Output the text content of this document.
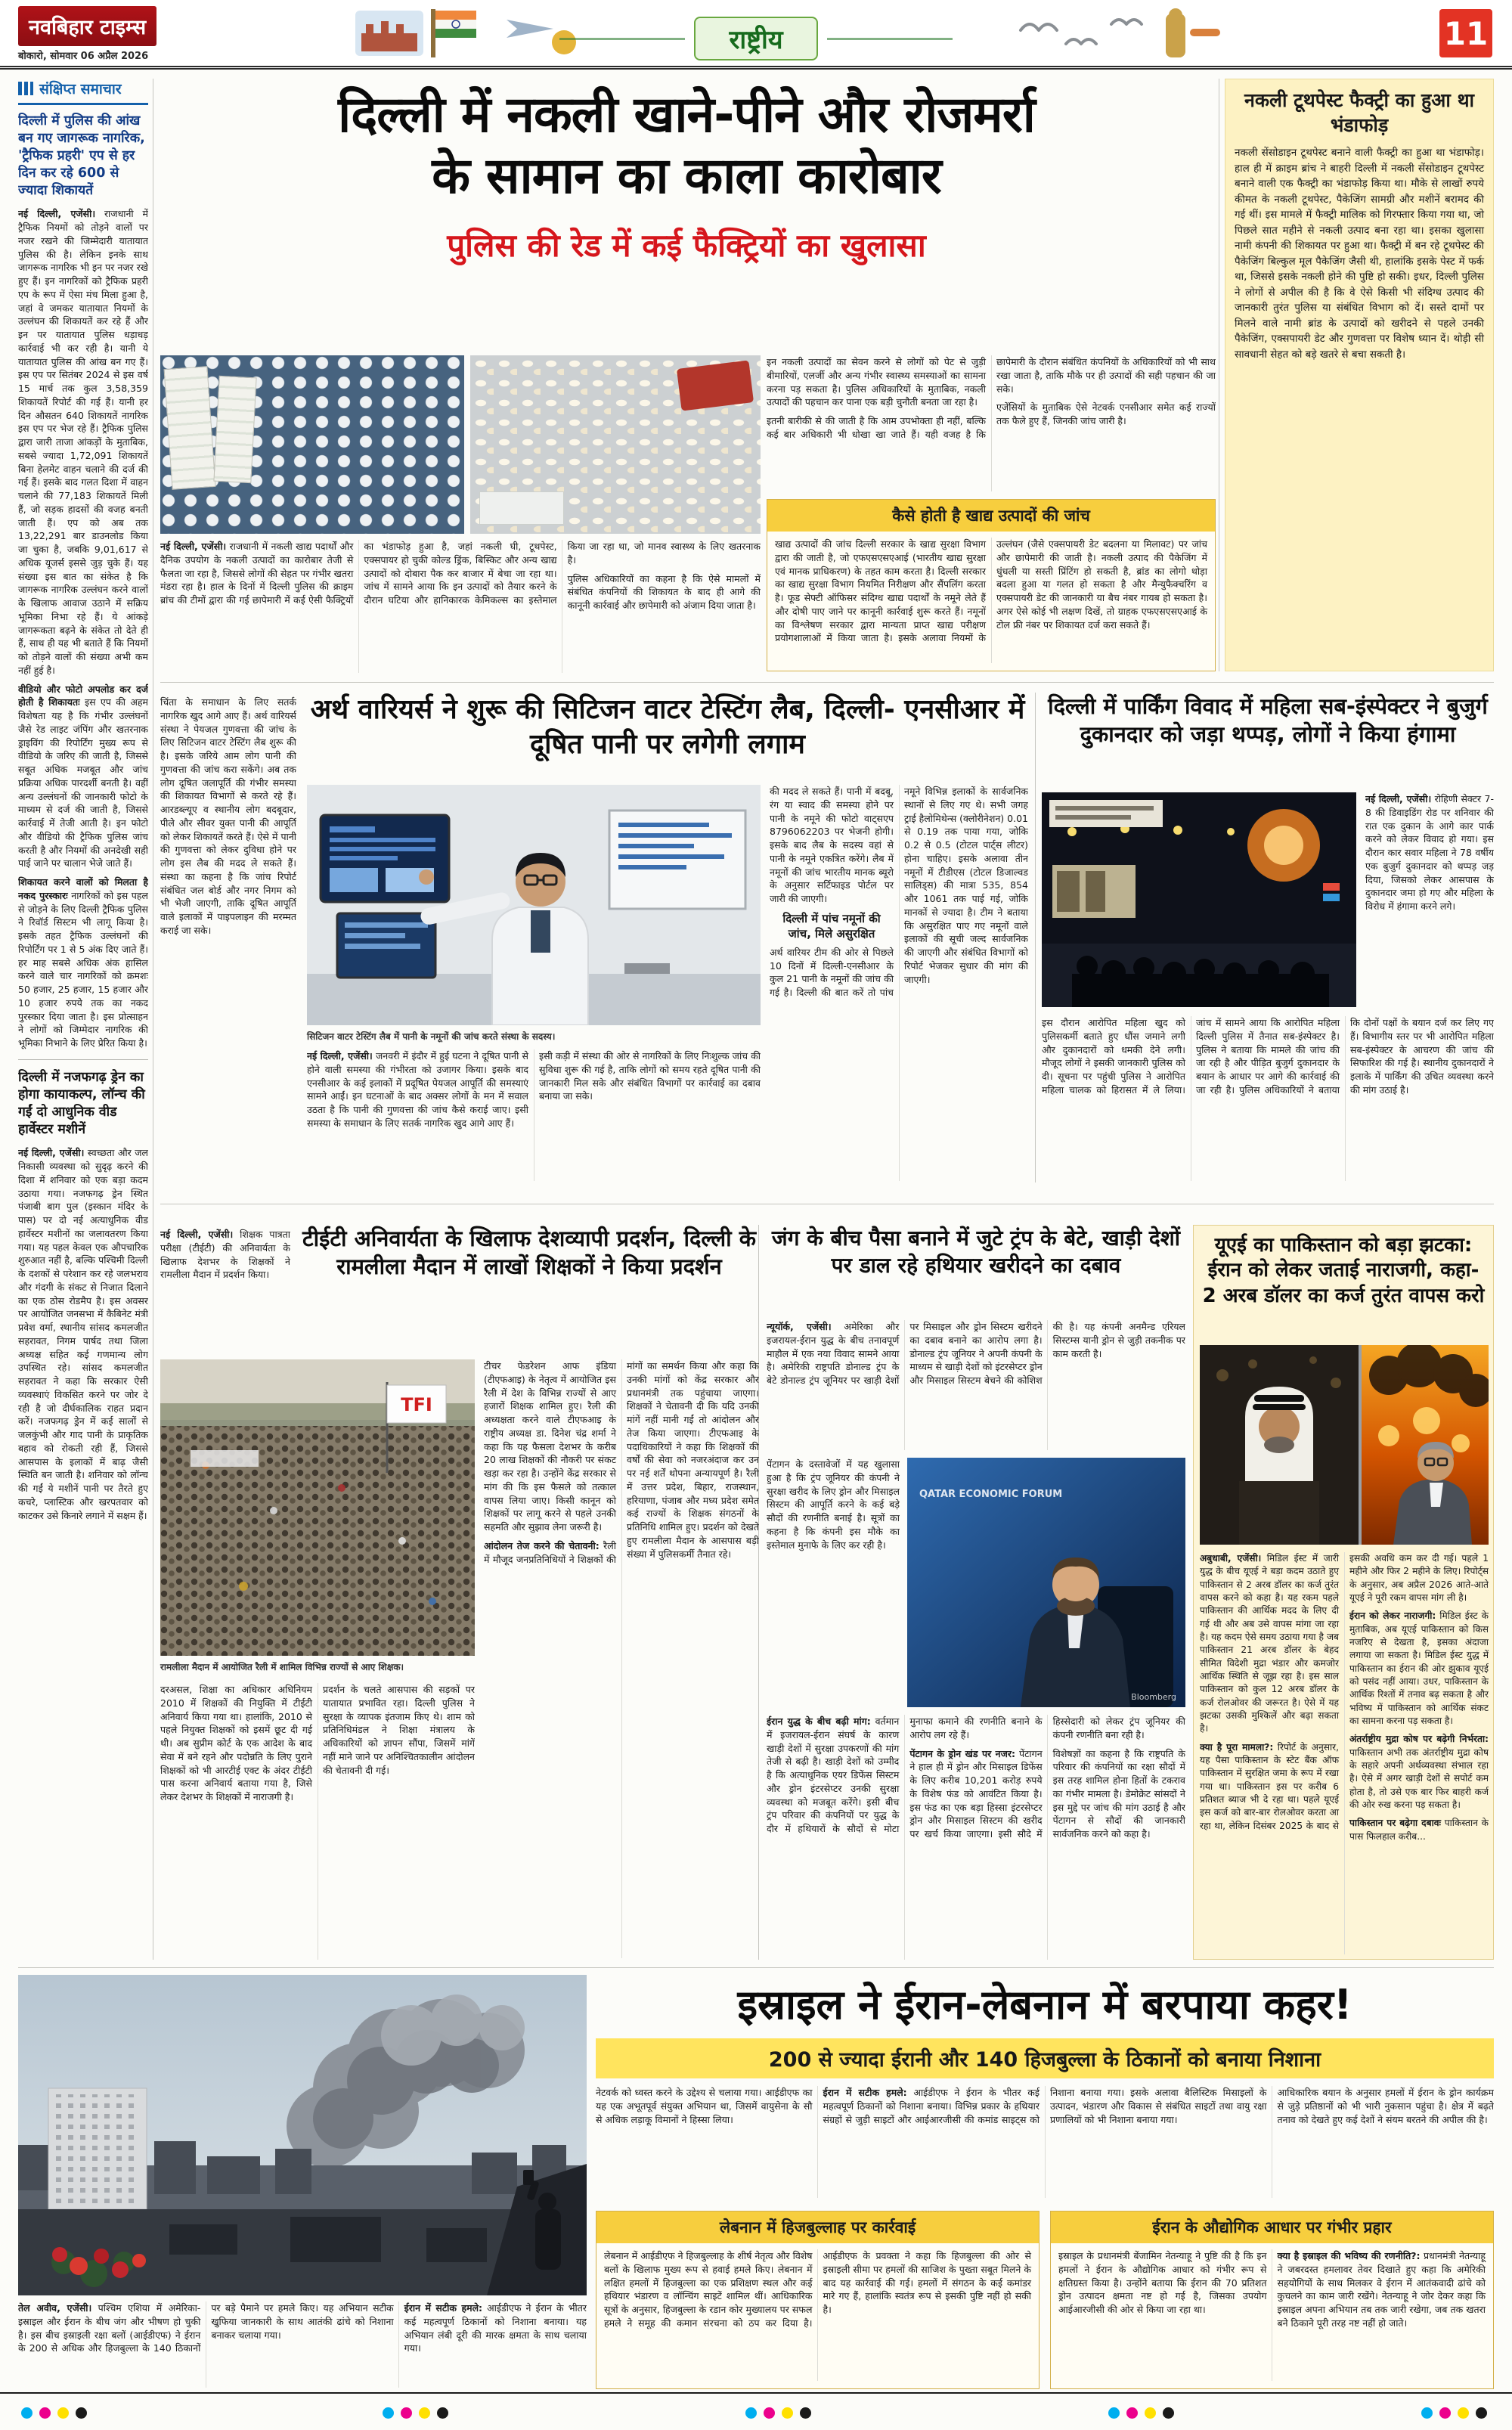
नवबिहार टाइम्स
बोकारो, सोमवार 06 अप्रैल 2026
राष्ट्रीय	11
संक्षिप्त समाचार
दिल्ली में पुलिस की आंख बन गए जागरूक नागरिक, 'ट्रैफिक प्रहरी' एप से हर दिन कर रहे 600 से ज्यादा शिकायतें

नई दिल्ली, एजेंसी। राजधानी में ट्रैफिक नियमों को तोड़ने वालों पर नजर रखने की जिम्मेदारी यातायात पुलिस की है। लेकिन इनके साथ जागरूक नागरिक भी इन पर नजर रखे हुए हैं। इन नागरिकों को ट्रैफिक प्रहरी एप के रूप में ऐसा मंच मिला हुआ है, जहां वे जमकर यातायात नियमों के उल्लंघन की शिकायतें कर रहे हैं और इन पर यातायात पुलिस धड़ाधड़ कार्रवाई भी कर रही है। यानी ये यातायात पुलिस की आंख बन गए हैं। इस एप पर सितंबर 2024 से इस वर्ष 15 मार्च तक कुल 3,58,359 शिकायतें रिपोर्ट की गई हैं। यानी हर दिन औसतन 640 शिकायतें नागरिक इस एप पर भेज रहे हैं। ट्रैफिक पुलिस द्वारा जारी ताजा आंकड़ों के मुताबिक, सबसे ज्यादा 1,72,091 शिकायतें बिना हेलमेट वाहन चलाने की दर्ज की गई हैं। इसके बाद गलत दिशा में वाहन चलाने की 77,183 शिकायतें मिली हैं, जो सड़क हादसों की वजह बनती जाती हैं। एप को अब तक 13,22,291 बार डाउनलोड किया जा चुका है, जबकि 9,01,617 से अधिक यूजर्स इससे जुड़ चुके हैं। यह संख्या इस बात का संकेत है कि जागरूक नागरिक उल्लंघन करने वालों के खिलाफ आवाज उठाने में सक्रिय भूमिका निभा रहे हैं। ये आंकड़े जागरूकता बढ़ने के संकेत तो देते ही हैं, साथ ही यह भी बताते हैं कि नियमों को तोड़ने वालों की संख्या अभी कम नहीं हुई है।

वीडियो और फोटो अपलोड कर दर्ज होती है शिकायतः इस एप की अहम विशेषता यह है कि गंभीर उल्लंघनों जैसे रेड लाइट जंपिंग और खतरनाक ड्राइविंग की रिपोर्टिंग मुख्य रूप से वीडियो के जरिए की जाती है, जिससे सबूत अधिक मजबूत और जांच प्रक्रिया अधिक पारदर्शी बनती है। वहीं अन्य उल्लंघनों की जानकारी फोटो के माध्यम से दर्ज की जाती है, जिससे कार्रवाई में तेजी आती है। इन फोटो और वीडियो की ट्रैफिक पुलिस जांच करती है और नियमों की अनदेखी सही पाई जाने पर चालान भेजे जाते हैं।

शिकायत करने वालों को मिलता है नकद पुरस्कारः नागरिकों को इस पहल से जोड़ने के लिए दिल्ली ट्रैफिक पुलिस ने रिवॉर्ड सिस्टम भी लागू किया है। इसके तहत ट्रैफिक उल्लंघनों की रिपोर्टिंग पर 1 से 5 अंक दिए जाते हैं। हर माह सबसे अधिक अंक हासिल करने वाले चार नागरिकों को क्रमशः 50 हजार, 25 हजार, 15 हजार और 10 हजार रुपये तक का नकद पुरस्कार दिया जाता है। इस प्रोत्साहन ने लोगों को जिम्मेदार नागरिक की भूमिका निभाने के लिए प्रेरित किया है।

दिल्ली में नजफगढ़ ड्रेन का होगा कायाकल्प, लॉन्च की गईं दो आधुनिक वीड हार्वेस्टर मशीनें

नई दिल्ली, एजेंसी। स्वच्छता और जल निकासी व्यवस्था को सुदृढ़ करने की दिशा में शनिवार को एक बड़ा कदम उठाया गया। नजफगढ़ ड्रेन स्थित पंजाबी बाग पुल (इस्कान मंदिर के पास) पर दो नई अत्याधुनिक वीड हार्वेस्टर मशीनों का जलावतरण किया गया। यह पहल केवल एक औपचारिक शुरुआत नहीं है, बल्कि पश्चिमी दिल्ली के दशकों से परेशान कर रहे जलभराव और गंदगी के संकट से निजात दिलाने का एक ठोस रोडमैप है। इस अवसर पर आयोजित जनसभा में कैबिनेट मंत्री प्रवेश वर्मा, स्थानीय सांसद कमलजीत सहरावत, निगम पार्षद तथा जिला अध्यक्ष सहित कई गणमान्य लोग उपस्थित रहे। सांसद कमलजीत सहरावत ने कहा कि सरकार ऐसी व्यवस्थाएं विकसित करने पर जोर दे रही है जो दीर्घकालिक राहत प्रदान करें। नजफगढ़ ड्रेन में कई सालों से जलकुंभी और गाद पानी के प्राकृतिक बहाव को रोकती रही हैं, जिससे आसपास के इलाकों में बाढ़ जैसी स्थिति बन जाती है। शनिवार को लॉन्च की गईं ये मशीनें पानी पर तैरते हुए कचरे, प्लास्टिक और खरपतवार को काटकर उसे किनारे लगाने में सक्षम हैं।

दिल्ली में नकली खाने-पीने और रोजमर्रा
के सामान का काला कारोबार
पुलिस की रेड में कई फैक्ट्रियों का खुलासा

इन नकली उत्पादों का सेवन करने से लोगों को पेट से जुड़ी बीमारियों, एलर्जी और अन्य गंभीर स्वास्थ्य समस्याओं का सामना करना पड़ सकता है। पुलिस अधिकारियों के मुताबिक, नकली उत्पादों की पहचान कर पाना एक बड़ी चुनौती बनता जा रहा है।

इतनी बारीकी से की जाती है कि आम उपभोक्ता ही नहीं, बल्कि कई बार अधिकारी भी धोखा खा जाते हैं। यही वजह है कि छापेमारी के दौरान संबंधित कंपनियों के अधिकारियों को भी साथ रखा जाता है, ताकि मौके पर ही उत्पादों की सही पहचान की जा सके।

एजेंसियों के मुताबिक ऐसे नेटवर्क एनसीआर समेत कई राज्यों तक फैले हुए हैं, जिनकी जांच जारी है।

कैसे होती है खाद्य उत्पादों की जांच

खाद्य उत्पादों की जांच दिल्ली सरकार के खाद्य सुरक्षा विभाग द्वारा की जाती है, जो एफएसएसएआई (भारतीय खाद्य सुरक्षा एवं मानक प्राधिकरण) के तहत काम करता है। दिल्ली सरकार का खाद्य सुरक्षा विभाग नियमित निरीक्षण और सैंपलिंग करता है। फूड सेफ्टी ऑफिसर संदिग्ध खाद्य पदार्थों के नमूने लेते हैं और दोषी पाए जाने पर कानूनी कार्रवाई शुरू करते हैं। नमूनों का विश्लेषण सरकार द्वारा मान्यता प्राप्त खाद्य परीक्षण प्रयोगशालाओं में किया जाता है। इसके अलावा नियमों के उल्लंघन (जैसे एक्सपायरी डेट बदलना या मिलावट) पर जांच और छापेमारी की जाती है। नकली उत्पाद की पैकेजिंग में धुंधली या सस्ती प्रिंटिंग हो सकती है, ब्रांड का लोगो थोड़ा बदला हुआ या गलत हो सकता है और मैन्युफैक्चरिंग व एक्सपायरी डेट की जानकारी या बैच नंबर गायब हो सकता है। अगर ऐसे कोई भी लक्षण दिखें, तो ग्राहक एफएसएसएआई के टोल फ्री नंबर पर शिकायत दर्ज करा सकते हैं।

नई दिल्ली, एजेंसी। राजधानी में नकली खाद्य पदार्थों और दैनिक उपयोग के नकली उत्पादों का कारोबार तेजी से फैलता जा रहा है, जिससे लोगों की सेहत पर गंभीर खतरा मंडरा रहा है। हाल के दिनों में दिल्ली पुलिस की क्राइम ब्रांच की टीमों द्वारा की गई छापेमारी में कई ऐसी फैक्ट्रियों का भंडाफोड़ हुआ है, जहां नकली घी, टूथपेस्ट, एक्सपायर हो चुकी कोल्ड ड्रिंक, बिस्किट और अन्य खाद्य उत्पादों को दोबारा पैक कर बाजार में बेचा जा रहा था। जांच में सामने आया कि इन उत्पादों को तैयार करने के दौरान घटिया और हानिकारक केमिकल्स का इस्तेमाल किया जा रहा था, जो मानव स्वास्थ्य के लिए खतरनाक है।

पुलिस अधिकारियों का कहना है कि ऐसे मामलों में संबंधित कंपनियों की शिकायत के बाद ही आगे की कानूनी कार्रवाई और छापेमारी को अंजाम दिया जाता है।

नकली टूथपेस्ट फैक्ट्री का हुआ था भंडाफोड़

नकली सेंसोडाइन टूथपेस्ट बनाने वाली फैक्ट्री का हुआ था भंडाफोड़। हाल ही में क्राइम ब्रांच ने बाहरी दिल्ली में नकली सेंसोडाइन टूथपेस्ट बनाने वाली एक फैक्ट्री का भंडाफोड़ किया था। मौके से लाखों रुपये कीमत के नकली टूथपेस्ट, पैकेजिंग सामग्री और मशीनें बरामद की गई थीं। इस मामले में फैक्ट्री मालिक को गिरफ्तार किया गया था, जो पिछले सात महीने से नकली उत्पाद बना रहा था। इसका खुलासा नामी कंपनी की शिकायत पर हुआ था। फैक्ट्री में बन रहे टूथपेस्ट की पैकेजिंग बिल्कुल मूल पैकेजिंग जैसी थी, हालांकि इसके पेस्ट में फर्क था, जिससे इसके नकली होने की पुष्टि हो सकी। इधर, दिल्ली पुलिस ने लोगों से अपील की है कि वे ऐसे किसी भी संदिग्ध उत्पाद की जानकारी तुरंत पुलिस या संबंधित विभाग को दें। सस्ते दामों पर मिलने वाले नामी ब्रांड के उत्पादों को खरीदने से पहले उनकी पैकेजिंग, एक्सपायरी डेट और गुणवत्ता पर विशेष ध्यान दें। थोड़ी सी सावधानी सेहत को बड़े खतरे से बचा सकती है।

चिंता के समाधान के लिए सतर्क नागरिक खुद आगे आए हैं। अर्थ वारियर्स संस्था ने पेयजल गुणवत्ता की जांच के लिए सिटिजन वाटर टेस्टिंग लैब शुरू की है। इसके जरिये आम लोग पानी की गुणवत्ता की जांच करा सकेंगे। अब तक लोग दूषित जलापूर्ति की गंभीर समस्या की शिकायत विभागों से करते रहे हैं। आरडब्ल्यूए व स्थानीय लोग बदबूदार, पीले और सीवर युक्त पानी की आपूर्ति को लेकर शिकायतें करते हैं। ऐसे में पानी की गुणवत्ता को लेकर दुविधा होने पर लोग इस लैब की मदद ले सकते हैं। संस्था का कहना है कि जांच रिपोर्ट संबंधित जल बोर्ड और नगर निगम को भी भेजी जाएगी, ताकि दूषित आपूर्ति वाले इलाकों में पाइपलाइन की मरम्मत कराई जा सके।

अर्थ वारियर्स ने शुरू की सिटिजन वाटर टेस्टिंग लैब, दिल्ली- एनसीआर में दूषित पानी पर लगेगी लगाम
सिटिजन वाटर टेस्टिंग लैब में पानी के नमूनों की जांच करते संस्था के सदस्य।

नई दिल्ली, एजेंसी। जनवरी में इंदौर में हुई घटना ने दूषित पानी से होने वाली समस्या की गंभीरता को उजागर किया। इसके बाद एनसीआर के कई इलाकों में प्रदूषित पेयजल आपूर्ति की समस्याएं सामने आईं। इन घटनाओं के बाद अक्सर लोगों के मन में सवाल उठता है कि पानी की गुणवत्ता की जांच कैसे कराई जाए। इसी समस्या के समाधान के लिए सतर्क नागरिक खुद आगे आए हैं।

इसी कड़ी में संस्था की ओर से नागरिकों के लिए निःशुल्क जांच की सुविधा शुरू की गई है, ताकि लोगों को समय रहते दूषित पानी की जानकारी मिल सके और संबंधित विभागों पर कार्रवाई का दबाव बनाया जा सके।

की मदद ले सकते हैं। पानी में बदबू, रंग या स्वाद की समस्या होने पर पानी के नमूने की फोटो वाट्सएप 8796062203 पर भेजनी होगी। इसके बाद लैब के सदस्य वहां से पानी के नमूने एकत्रित करेंगे। लैब में नमूनों की जांच भारतीय मानक ब्यूरो के अनुसार सर्टिफाइड पोर्टल पर जारी की जाएगी।

दिल्ली में पांच नमूनों की जांच, मिले असुरक्षित

अर्थ वारियर टीम की ओर से पिछले 10 दिनों में दिल्ली-एनसीआर के कुल 21 पानी के नमूनों की जांच की गई है। दिल्ली की बात करें तो पांच नमूने विभिन्न इलाकों के सार्वजनिक स्थानों से लिए गए थे। सभी जगह ट्राई हैलोमिथेन्स (क्लोरीनेशन) 0.01 से 0.19 तक पाया गया, जोकि 0.2 से 0.5 (टोटल पार्ट्स लीटर) होना चाहिए। इसके अलावा तीन नमूनों में टीडीएस (टोटल डिजाल्वड सालिड्स) की मात्रा 535, 854 और 1061 तक पाई गई, जोकि मानकों से ज्यादा है। टीम ने बताया कि असुरक्षित पाए गए नमूनों वाले इलाकों की सूची जल्द सार्वजनिक की जाएगी और संबंधित विभागों को रिपोर्ट भेजकर सुधार की मांग की जाएगी।

दिल्ली में पार्किंग विवाद में महिला सब-इंस्पेक्टर ने बुजुर्ग दुकानदार को जड़ा थप्पड़, लोगों ने किया हंगामा

नई दिल्ली, एजेंसी। रोहिणी सेक्टर 7-8 की डिवाइडिंग रोड पर शनिवार की रात एक दुकान के आगे कार पार्क करने को लेकर विवाद हो गया। इस दौरान कार सवार महिला ने 78 वर्षीय एक बुजुर्ग दुकानदार को थप्पड़ जड़ दिया, जिसको लेकर आसपास के दुकानदार जमा हो गए और महिला के विरोध में हंगामा करने लगे।

इस दौरान आरोपित महिला खुद को पुलिसकर्मी बताते हुए धौंस जमाने लगी और दुकानदारों को धमकी देने लगी। मौजूद लोगों ने इसकी जानकारी पुलिस को दी। सूचना पर पहुंची पुलिस ने आरोपित महिला चालक को हिरासत में ले लिया। जांच में सामने आया कि आरोपित महिला दिल्ली पुलिस में तैनात सब-इंस्पेक्टर है। पुलिस ने बताया कि मामले की जांच की जा रही है और पीड़ित बुजुर्ग दुकानदार के बयान के आधार पर आगे की कार्रवाई की जा रही है। पुलिस अधिकारियों ने बताया कि दोनों पक्षों के बयान दर्ज कर लिए गए हैं। विभागीय स्तर पर भी आरोपित महिला सब-इंस्पेक्टर के आचरण की जांच की सिफारिश की गई है। स्थानीय दुकानदारों ने इलाके में पार्किंग की उचित व्यवस्था करने की मांग उठाई है।

नई दिल्ली, एजेंसी। शिक्षक पात्रता परीक्षा (टीईटी) की अनिवार्यता के खिलाफ देशभर के शिक्षकों ने रामलीला मैदान में प्रदर्शन किया।

टीईटी अनिवार्यता के खिलाफ देशव्यापी प्रदर्शन, दिल्ली के रामलीला मैदान में लाखों शिक्षकों ने किया प्रदर्शन
TFI
रामलीला मैदान में आयोजित रैली में शामिल विभिन्न राज्यों से आए शिक्षक।

टीचर फेडरेशन आफ इंडिया (टीएफआइ) के नेतृत्व में आयोजित इस रैली में देश के विभिन्न राज्यों से आए हजारों शिक्षक शामिल हुए। रैली की अध्यक्षता करने वाले टीएफआइ के राष्ट्रीय अध्यक्ष डा. दिनेश चंद्र शर्मा ने कहा कि यह फैसला देशभर के करीब 20 लाख शिक्षकों की नौकरी पर संकट खड़ा कर रहा है। उन्होंने केंद्र सरकार से मांग की कि इस फैसले को तत्काल वापस लिया जाए। किसी कानून को शिक्षकों पर लागू करने से पहले उनकी सहमति और सुझाव लेना जरूरी है।

आंदोलन तेज करने की चेतावनी: रैली में मौजूद जनप्रतिनिधियों ने शिक्षकों की मांगों का समर्थन किया और कहा कि उनकी मांगों को केंद्र सरकार और प्रधानमंत्री तक पहुंचाया जाएगा। शिक्षकों ने चेतावनी दी कि यदि उनकी मांगें नहीं मानी गईं तो आंदोलन और तेज किया जाएगा। टीएफआइ के पदाधिकारियों ने कहा कि शिक्षकों की वर्षों की सेवा को नजरअंदाज कर उन पर नई शर्तें थोपना अन्यायपूर्ण है। रैली में उत्तर प्रदेश, बिहार, राजस्थान, हरियाणा, पंजाब और मध्य प्रदेश समेत कई राज्यों के शिक्षक संगठनों के प्रतिनिधि शामिल हुए। प्रदर्शन को देखते हुए रामलीला मैदान के आसपास बड़ी संख्या में पुलिसकर्मी तैनात रहे।

दरअसल, शिक्षा का अधिकार अधिनियम 2010 में शिक्षकों की नियुक्ति में टीईटी अनिवार्य किया गया था। हालांकि, 2010 से पहले नियुक्त शिक्षकों को इसमें छूट दी गई थी। अब सुप्रीम कोर्ट के एक आदेश के बाद सेवा में बने रहने और पदोन्नति के लिए पुराने शिक्षकों को भी आरटीई एक्ट के अंदर टीईटी पास करना अनिवार्य बताया गया है, जिसे लेकर देशभर के शिक्षकों में नाराजगी है।

प्रदर्शन के चलते आसपास की सड़कों पर यातायात प्रभावित रहा। दिल्ली पुलिस ने सुरक्षा के व्यापक इंतजाम किए थे। शाम को प्रतिनिधिमंडल ने शिक्षा मंत्रालय के अधिकारियों को ज्ञापन सौंपा, जिसमें मांगें नहीं माने जाने पर अनिश्चितकालीन आंदोलन की चेतावनी दी गई।

जंग के बीच पैसा बनाने में जुटे ट्रंप के बेटे, खाड़ी देशों पर डाल रहे हथियार खरीदने का दबाव

न्यूयॉर्क, एजेंसी। अमेरिका और इजरायल-ईरान युद्ध के बीच तनावपूर्ण माहौल में एक नया विवाद सामने आया है। अमेरिकी राष्ट्रपति डोनाल्ड ट्रंप के बेटे डोनाल्ड ट्रंप जूनियर पर खाड़ी देशों पर मिसाइल और ड्रोन सिस्टम खरीदने का दबाव बनाने का आरोप लगा है। डोनाल्ड ट्रंप जूनियर ने अपनी कंपनी के माध्यम से खाड़ी देशों को इंटरसेप्टर ड्रोन और मिसाइल सिस्टम बेचने की कोशिश की है। यह कंपनी अनमैन्ड एरियल सिस्टम्स यानी ड्रोन से जुड़ी तकनीक पर काम करती है।

पेंटागन के दस्तावेजों में यह खुलासा हुआ है कि ट्रंप जूनियर की कंपनी ने सुरक्षा खरीद के लिए ड्रोन और मिसाइल सिस्टम की आपूर्ति करने के कई बड़े सौदों की रणनीति बनाई है। सूत्रों का कहना है कि कंपनी इस मौके का इस्तेमाल मुनाफे के लिए कर रही है।

QATAR ECONOMIC FORUM
Bloomberg

ईरान युद्ध के बीच बढ़ी मांग: वर्तमान में इजरायल-ईरान संघर्ष के कारण खाड़ी देशों में सुरक्षा उपकरणों की मांग तेजी से बढ़ी है। खाड़ी देशों को उम्मीद है कि अत्याधुनिक एयर डिफेंस सिस्टम और ड्रोन इंटरसेप्टर उनकी सुरक्षा व्यवस्था को मजबूत करेंगे। इसी बीच ट्रंप परिवार की कंपनियों पर युद्ध के दौर में हथियारों के सौदों से मोटा मुनाफा कमाने की रणनीति बनाने के आरोप लग रहे हैं।

पेंटागन के ड्रोन खंड पर नजर: पेंटागन ने हाल ही में ड्रोन और मिसाइल डिफेंस के लिए करीब 10,201 करोड़ रुपये के विशेष फंड को आवंटित किया है। इस फंड का एक बड़ा हिस्सा इंटरसेप्टर ड्रोन और मिसाइल सिस्टम की खरीद पर खर्च किया जाएगा। इसी सौदे में हिस्सेदारी को लेकर ट्रंप जूनियर की कंपनी रणनीति बना रही है।

विशेषज्ञों का कहना है कि राष्ट्रपति के परिवार की कंपनियों का रक्षा सौदों में इस तरह शामिल होना हितों के टकराव का गंभीर मामला है। डेमोक्रेट सांसदों ने इस मुद्दे पर जांच की मांग उठाई है और पेंटागन से सौदों की जानकारी सार्वजनिक करने को कहा है।

यूएई का पाकिस्तान को बड़ा झटका: ईरान को लेकर जताई नाराजगी, कहा- 2 अरब डॉलर का कर्ज तुरंत वापस करो

अबुधाबी, एजेंसी। मिडिल ईस्ट में जारी युद्ध के बीच यूएई ने बड़ा कदम उठाते हुए पाकिस्तान से 2 अरब डॉलर का कर्ज तुरंत वापस करने को कहा है। यह रकम पहले पाकिस्तान की आर्थिक मदद के लिए दी गई थी और अब उसे वापस मांगा जा रहा है। यह कदम ऐसे समय उठाया गया है जब पाकिस्तान 21 अरब डॉलर के बेहद सीमित विदेशी मुद्रा भंडार और कमजोर आर्थिक स्थिति से जूझ रहा है। इस साल पाकिस्तान को कुल 12 अरब डॉलर के कर्ज रोलओवर की जरूरत है। ऐसे में यह झटका उसकी मुश्किलें और बढ़ा सकता है।

क्या है पूरा मामला?: रिपोर्ट के अनुसार, यह पैसा पाकिस्तान के स्टेट बैंक ऑफ पाकिस्तान में सुरक्षित जमा के रूप में रखा गया था। पाकिस्तान इस पर करीब 6 प्रतिशत ब्याज भी दे रहा था। पहले यूएई इस कर्ज को बार-बार रोलओवर करता आ रहा था, लेकिन दिसंबर 2025 के बाद से इसकी अवधि कम कर दी गई। पहले 1 महीने और फिर 2 महीने के लिए। रिपोर्ट्स के अनुसार, अब अप्रैल 2026 आते-आते यूएई ने पूरी रकम वापस मांग ली है।

ईरान को लेकर नाराजगी: मिडिल ईस्ट के मुताबिक, अब यूएई पाकिस्तान को किस नजरिए से देखता है, इसका अंदाजा लगाया जा सकता है। मिडिल ईस्ट युद्ध में पाकिस्तान का ईरान की ओर झुकाव यूएई को पसंद नहीं आया। उधर, पाकिस्तान के आर्थिक रिश्तों में तनाव बढ़ सकता है और भविष्य में पाकिस्तान को आर्थिक संकट का सामना करना पड़ सकता है।

अंतर्राष्ट्रीय मुद्रा कोष पर बढ़ेगी निर्भरता: पाकिस्तान अभी तक अंतर्राष्ट्रीय मुद्रा कोष के सहारे अपनी अर्थव्यवस्था संभाल रहा है। ऐसे में अगर खाड़ी देशों से सपोर्ट कम होता है, तो उसे एक बार फिर बाहरी कर्ज की ओर रुख करना पड़ सकता है।

पाकिस्तान पर बढ़ेगा दबावः पाकिस्तान के पास फिलहाल करीब...

तेल अवीव, एजेंसी। पश्चिम एशिया में अमेरिका-इस्राइल और ईरान के बीच जंग और भीषण हो चुकी है। इस बीच इस्राइली रक्षा बलों (आईडीएफ) ने ईरान के 200 से अधिक और हिजबुल्ला के 140 ठिकानों पर बड़े पैमाने पर हमले किए। यह अभियान सटीक खुफिया जानकारी के साथ आतंकी ढांचे को निशाना बनाकर चलाया गया।

ईरान में सटीक हमले: आईडीएफ ने ईरान के भीतर कई महत्वपूर्ण ठिकानों को निशाना बनाया। यह अभियान लंबी दूरी की मारक क्षमता के साथ चलाया गया।

इस्राइल ने ईरान-लेबनान में बरपाया कहर!
200 से ज्यादा ईरानी और 140 हिजबुल्ला के ठिकानों को बनाया निशाना

नेटवर्क को ध्वस्त करने के उद्देश्य से चलाया गया। आईडीएफ का यह एक अभूतपूर्व संयुक्त अभियान था, जिसमें वायुसेना के सौ से अधिक लड़ाकू विमानों ने हिस्सा लिया।

ईरान में सटीक हमले: आईडीएफ ने ईरान के भीतर कई महत्वपूर्ण ठिकानों को निशाना बनाया। विभिन्न प्रकार के हथियार संग्रहों से जुड़ी साइटों और आईआरजीसी की कमांड साइट्स को निशाना बनाया गया। इसके अलावा बैलिस्टिक मिसाइलों के उत्पादन, भंडारण और विकास से संबंधित साइटों तथा वायु रक्षा प्रणालियों को भी निशाना बनाया गया।

आधिकारिक बयान के अनुसार हमलों में ईरान के ड्रोन कार्यक्रम से जुड़े प्रतिष्ठानों को भी भारी नुकसान पहुंचा है। क्षेत्र में बढ़ते तनाव को देखते हुए कई देशों ने संयम बरतने की अपील की है।

लेबनान में हिजबुल्लाह पर कार्रवाई

लेबनान में आईडीएफ ने हिजबुल्लाह के शीर्ष नेतृत्व और विशेष बलों के खिलाफ मुख्य रूप से हवाई हमले किए। लेबनान में लक्षित हमलों में हिजबुल्ला का एक प्रशिक्षण स्थल और कई हथियार भंडारण व लॉन्चिंग साइटें शामिल थीं। आधिकारिक सूत्रों के अनुसार, हिजबुल्ला के रडान कोर मुख्यालय पर सफल हमले ने समूह की कमान संरचना को ठप कर दिया है। आईडीएफ के प्रवक्ता ने कहा कि हिजबुल्ला की ओर से इस्राइली सीमा पर हमलों की साजिश के पुख्ता सबूत मिलने के बाद यह कार्रवाई की गई। हमलों में संगठन के कई कमांडर मारे गए हैं, हालांकि स्वतंत्र रूप से इसकी पुष्टि नहीं हो सकी है।

ईरान के औद्योगिक आधार पर गंभीर प्रहार

इस्राइल के प्रधानमंत्री बेंजामिन नेतन्याहू ने पुष्टि की है कि इन हमलों ने ईरान के औद्योगिक आधार को गंभीर रूप से क्षतिग्रस्त किया है। उन्होंने बताया कि ईरान की 70 प्रतिशत ड्रोन उत्पादन क्षमता नष्ट हो गई है, जिसका उपयोग आईआरजीसी की ओर से किया जा रहा था।

क्या है इस्राइल की भविष्य की रणनीति?: प्रधानमंत्री नेतन्याहू ने जबरदस्त हमलावर तेवर दिखाते हुए कहा कि अमेरिकी सहयोगियों के साथ मिलकर वे ईरान में आतंकवादी ढांचे को कुचलने का काम जारी रखेंगे। नेतन्याहू ने जोर देकर कहा कि इस्राइल अपना अभियान तब तक जारी रखेगा, जब तक खतरा बने ठिकाने पूरी तरह नष्ट नहीं हो जाते।
